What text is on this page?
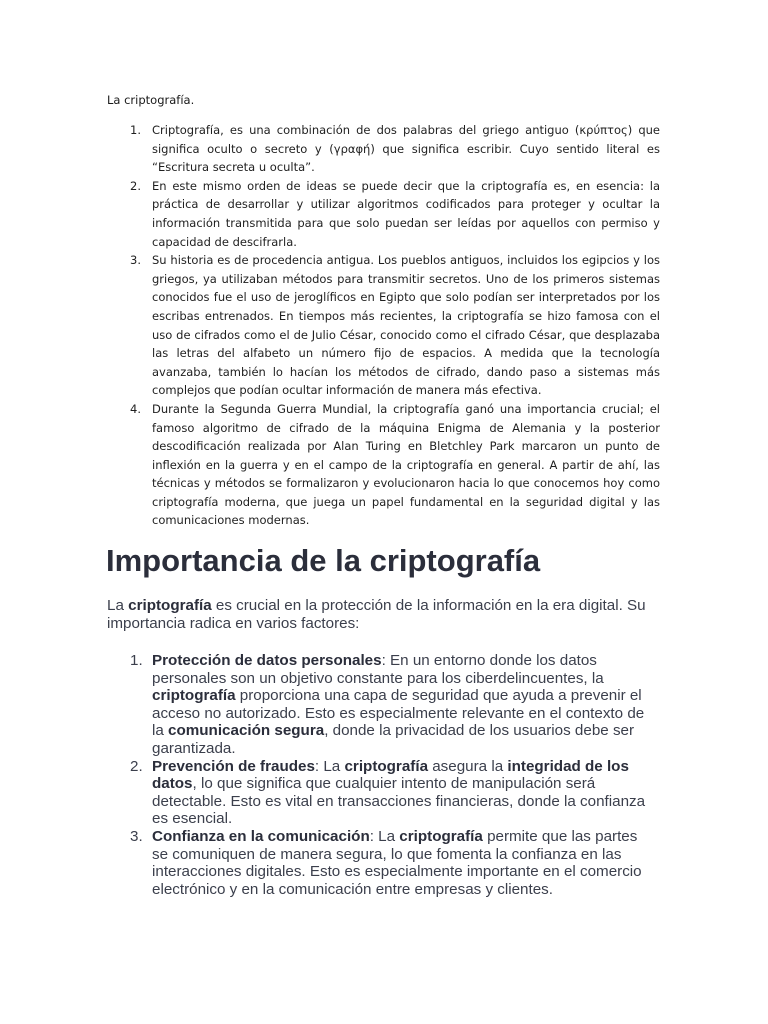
La criptografía.
Criptografía, es una combinación de dos palabras del griego antiguo (κρύπτος) que significa oculto o secreto y (γραφή) que significa escribir. Cuyo sentido literal es “Escritura secreta u oculta”.
En este mismo orden de ideas se puede decir que la criptografía es, en esencia: la práctica de desarrollar y utilizar algoritmos codificados para proteger y ocultar la información transmitida para que solo puedan ser leídas por aquellos con permiso y capacidad de descifrarla.
Su historia es de procedencia antigua. Los pueblos antiguos, incluidos los egipcios y los griegos, ya utilizaban métodos para transmitir secretos. Uno de los primeros sistemas conocidos fue el uso de jeroglíficos en Egipto que solo podían ser interpretados por los escribas entrenados. En tiempos más recientes, la criptografía se hizo famosa con el uso de cifrados como el de Julio César, conocido como el cifrado César, que desplazaba las letras del alfabeto un número fijo de espacios. A medida que la tecnología avanzaba, también lo hacían los métodos de cifrado, dando paso a sistemas más complejos que podían ocultar información de manera más efectiva.
Durante la Segunda Guerra Mundial, la criptografía ganó una importancia crucial; el famoso algoritmo de cifrado de la máquina Enigma de Alemania y la posterior descodificación realizada por Alan Turing en Bletchley Park marcaron un punto de inflexión en la guerra y en el campo de la criptografía en general. A partir de ahí, las técnicas y métodos se formalizaron y evolucionaron hacia lo que conocemos hoy como criptografía moderna, que juega un papel fundamental en la seguridad digital y las comunicaciones modernas.
Importancia de la criptografía

La criptografía es crucial en la protección de la información en la era digital. Su importancia radica en varios factores:

Protección de datos personales: En un entorno donde los datos personales son un objetivo constante para los ciberdelincuentes, la criptografía proporciona una capa de seguridad que ayuda a prevenir el acceso no autorizado. Esto es especialmente relevante en el contexto de la comunicación segura, donde la privacidad de los usuarios debe ser garantizada.
Prevención de fraudes: La criptografía asegura la integridad de los datos, lo que significa que cualquier intento de manipulación será detectable. Esto es vital en transacciones financieras, donde la confianza es esencial.
Confianza en la comunicación: La criptografía permite que las partes se comuniquen de manera segura, lo que fomenta la confianza en las interacciones digitales. Esto es especialmente importante en el comercio electrónico y en la comunicación entre empresas y clientes.
